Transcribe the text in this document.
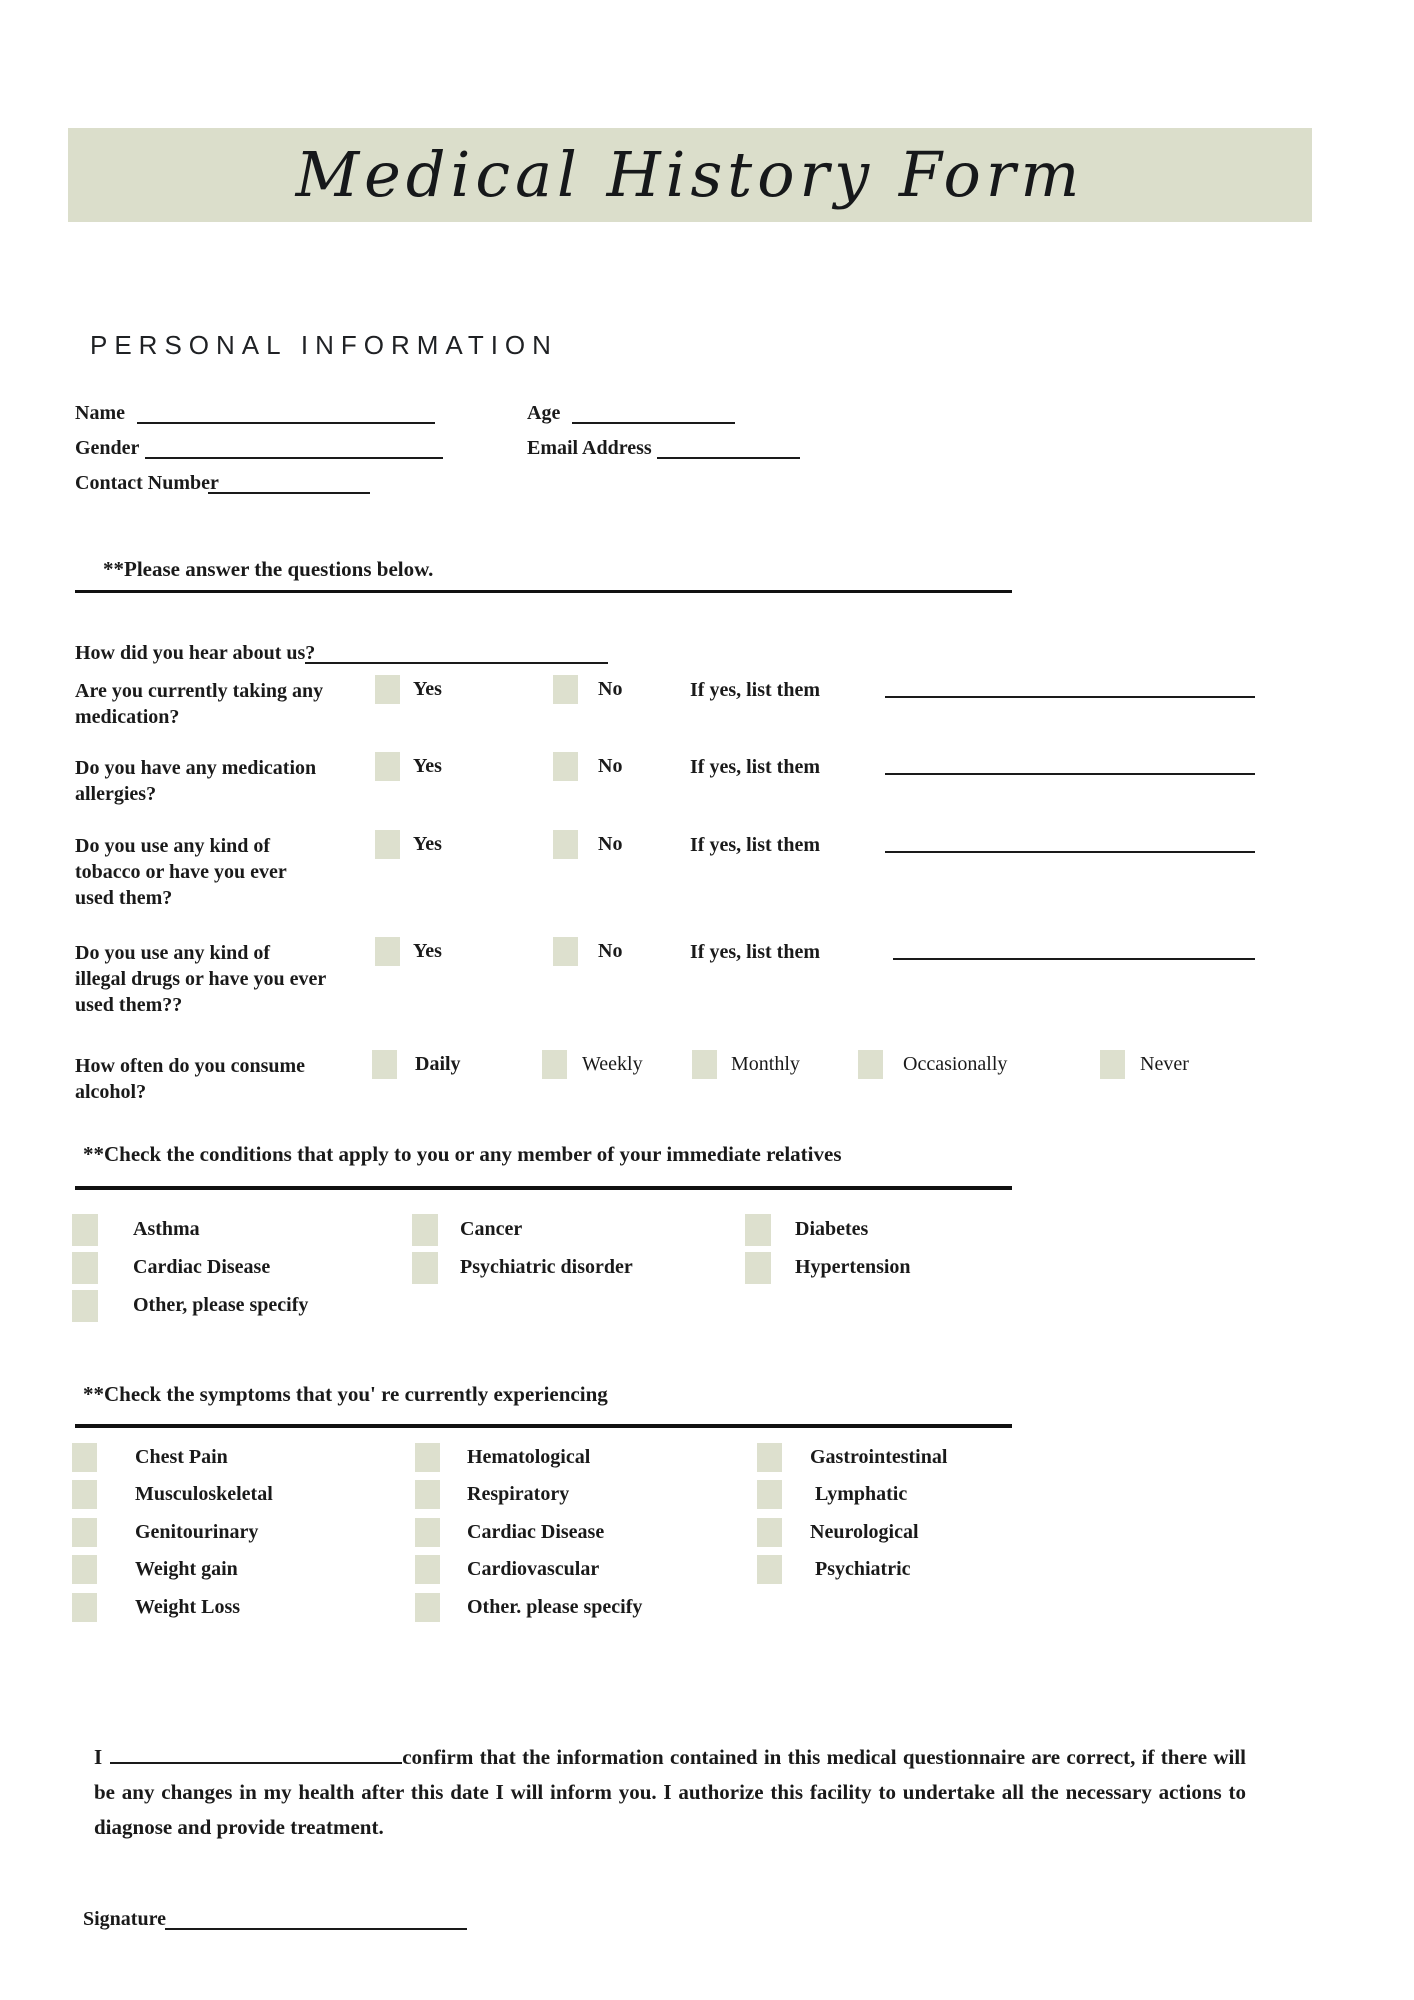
Medical History Form
PERSONAL INFORMATION
Name	Age
Gender	Email Address
Contact Number
**Please answer the questions below.
How did you hear about us?
Are you currently taking any
medication?
Yes	No	If yes, list them
Do you have any medication
allergies?
Yes	No	If yes, list them
Do you use any kind of
tobacco or have you ever
used them?
Yes	No	If yes, list them
Do you use any kind of
illegal drugs or have you ever
used them??
Yes	No	If yes, list them
How often do you consume
alcohol?
Daily	Weekly	Monthly	Occasionally	Never
**Check the conditions that apply to you or any member of your immediate relatives
Asthma	Cancer	Diabetes
Cardiac Disease	Psychiatric disorder	Hypertension
Other, please specify
**Check the symptoms that you' re currently experiencing
Chest Pain	Hematological	Gastrointestinal
Musculoskeletal	Respiratory	Lymphatic
Genitourinary	Cardiac Disease	Neurological
Weight gain	Cardiovascular	Psychiatric
Weight Loss	Other. please specify
I	confirm that the information contained in this medical questionnaire are correct, if there will be any changes in my health after this date I will inform you. I authorize this facility to undertake all the necessary actions to diagnose and provide treatment.
Signature
